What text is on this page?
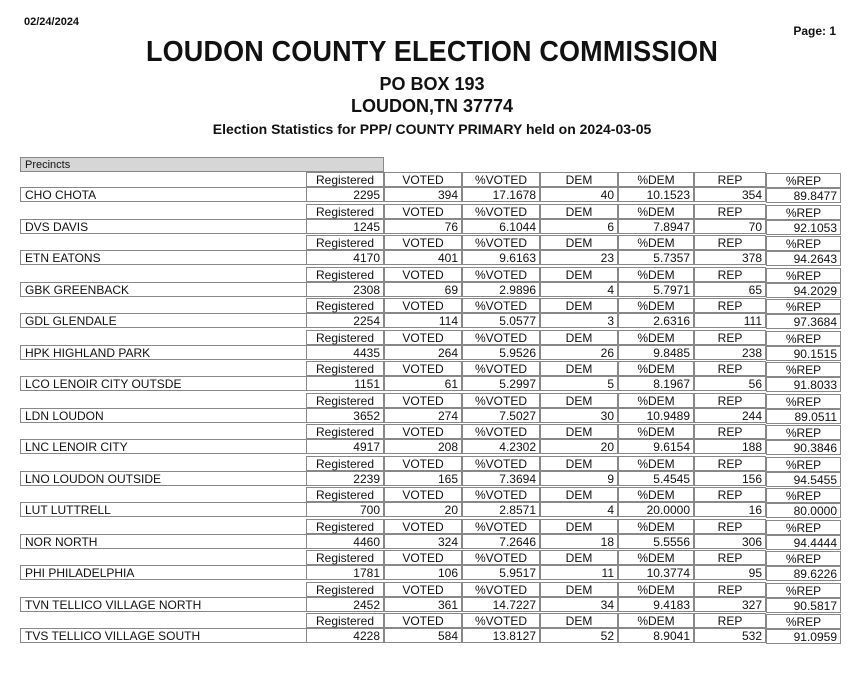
02/24/2024
Page: 1
LOUDON COUNTY ELECTION COMMISSION
PO BOX 193
LOUDON,TN 37774
Election Statistics for PPP/ COUNTY PRIMARY held on 2024-03-05
Precincts
CHO CHOTA
Registered
2295
VOTED
394
%VOTED
17.1678
DEM
40
%DEM
10.1523
REP
354
%REP
89.8477
DVS DAVIS
Registered
1245
VOTED
76
%VOTED
6.1044
DEM
6
%DEM
7.8947
REP
70
%REP
92.1053
ETN EATONS
Registered
4170
VOTED
401
%VOTED
9.6163
DEM
23
%DEM
5.7357
REP
378
%REP
94.2643
GBK GREENBACK
Registered
2308
VOTED
69
%VOTED
2.9896
DEM
4
%DEM
5.7971
REP
65
%REP
94.2029
GDL GLENDALE
Registered
2254
VOTED
114
%VOTED
5.0577
DEM
3
%DEM
2.6316
REP
111
%REP
97.3684
HPK HIGHLAND PARK
Registered
4435
VOTED
264
%VOTED
5.9526
DEM
26
%DEM
9.8485
REP
238
%REP
90.1515
LCO LENOIR CITY OUTSDE
Registered
1151
VOTED
61
%VOTED
5.2997
DEM
5
%DEM
8.1967
REP
56
%REP
91.8033
LDN LOUDON
Registered
3652
VOTED
274
%VOTED
7.5027
DEM
30
%DEM
10.9489
REP
244
%REP
89.0511
LNC LENOIR CITY
Registered
4917
VOTED
208
%VOTED
4.2302
DEM
20
%DEM
9.6154
REP
188
%REP
90.3846
LNO LOUDON OUTSIDE
Registered
2239
VOTED
165
%VOTED
7.3694
DEM
9
%DEM
5.4545
REP
156
%REP
94.5455
LUT LUTTRELL
Registered
700
VOTED
20
%VOTED
2.8571
DEM
4
%DEM
20.0000
REP
16
%REP
80.0000
NOR NORTH
Registered
4460
VOTED
324
%VOTED
7.2646
DEM
18
%DEM
5.5556
REP
306
%REP
94.4444
PHI PHILADELPHIA
Registered
1781
VOTED
106
%VOTED
5.9517
DEM
11
%DEM
10.3774
REP
95
%REP
89.6226
TVN TELLICO VILLAGE NORTH
Registered
2452
VOTED
361
%VOTED
14.7227
DEM
34
%DEM
9.4183
REP
327
%REP
90.5817
TVS TELLICO VILLAGE SOUTH
Registered
4228
VOTED
584
%VOTED
13.8127
DEM
52
%DEM
8.9041
REP
532
%REP
91.0959
